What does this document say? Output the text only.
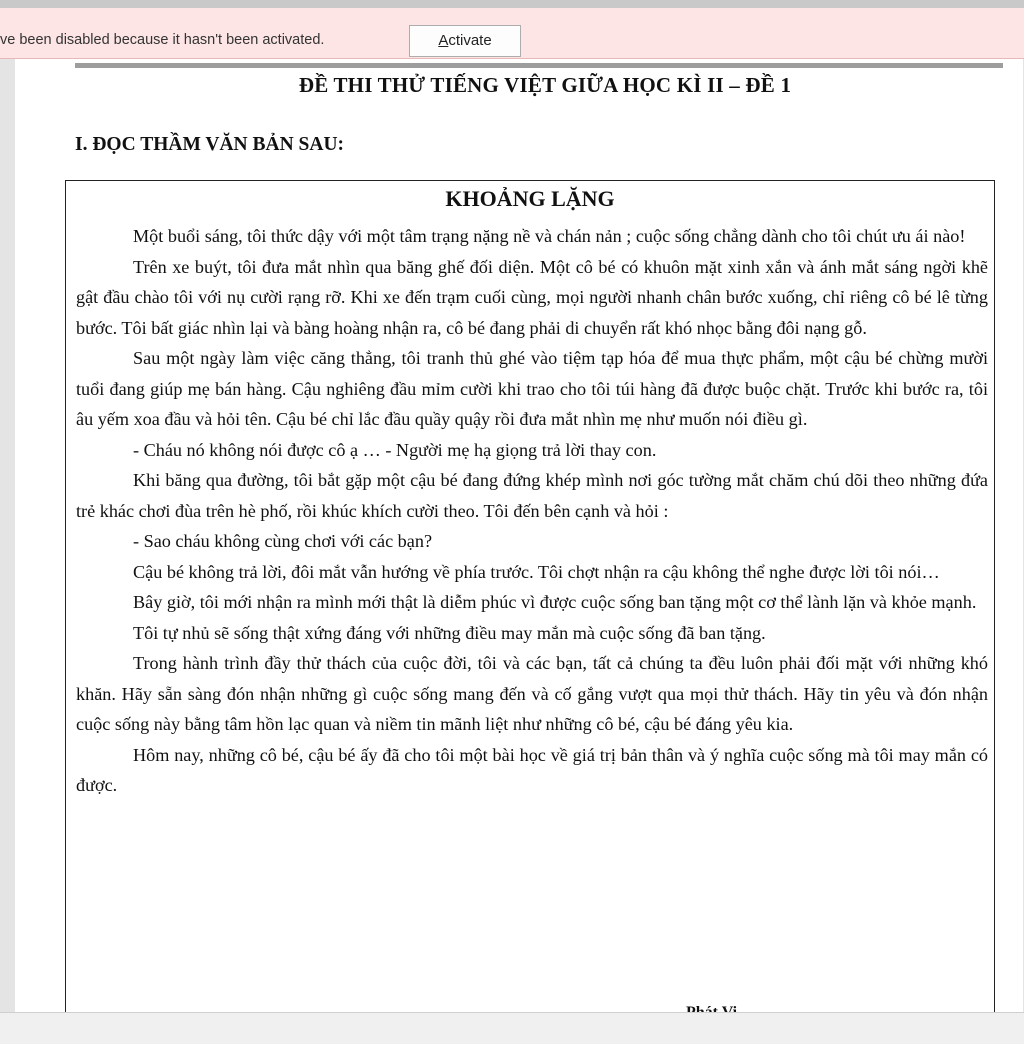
ve been disabled because it hasn't been activated.	Activate
ĐỀ THI THỬ TIẾNG VIỆT GIỮA HỌC KÌ II – ĐỀ 1
I. ĐỌC THẦM VĂN BẢN SAU:
KHOẢNG LẶNG

Một buổi sáng, tôi thức dậy với một tâm trạng nặng nề và chán nản ; cuộc sống chẳng dành cho tôi chút ưu ái nào!

Trên xe buýt, tôi đưa mắt nhìn qua băng ghế đối diện. Một cô bé có khuôn mặt xinh xắn và ánh mắt sáng ngời khẽ gật đầu chào tôi với nụ cười rạng rỡ. Khi xe đến trạm cuối cùng, mọi người nhanh chân bước xuống, chỉ riêng cô bé lê từng bước. Tôi bất giác nhìn lại và bàng hoàng nhận ra, cô bé đang phải di chuyển rất khó nhọc bằng đôi nạng gỗ.

Sau một ngày làm việc căng thẳng, tôi tranh thủ ghé vào tiệm tạp hóa để mua thực phẩm, một cậu bé chừng mười tuổi đang giúp mẹ bán hàng. Cậu nghiêng đầu mỉm cười khi trao cho tôi túi hàng đã được buộc chặt. Trước khi bước ra, tôi âu yếm xoa đầu và hỏi tên. Cậu bé chỉ lắc đầu quầy quậy rồi đưa mắt nhìn mẹ như muốn nói điều gì.

- Cháu nó không nói được cô ạ … - Người mẹ hạ giọng trả lời thay con.

Khi băng qua đường, tôi bắt gặp một cậu bé đang đứng khép mình nơi góc tường mắt chăm chú dõi theo những đứa trẻ khác chơi đùa trên hè phố, rồi khúc khích cười theo. Tôi đến bên cạnh và hỏi :

- Sao cháu không cùng chơi với các bạn?

Cậu bé không trả lời, đôi mắt vẫn hướng về phía trước. Tôi chợt nhận ra cậu không thể nghe được lời tôi nói…

Bây giờ, tôi mới nhận ra mình mới thật là diễm phúc vì được cuộc sống ban tặng một cơ thể lành lặn và khỏe mạnh.

Tôi tự nhủ sẽ sống thật xứng đáng với những điều may mắn mà cuộc sống đã ban tặng.

Trong hành trình đầy thử thách của cuộc đời, tôi và các bạn, tất cả chúng ta đều luôn phải đối mặt với những khó khăn. Hãy sẵn sàng đón nhận những gì cuộc sống mang đến và cố gắng vượt qua mọi thử thách. Hãy tin yêu và đón nhận cuộc sống này bằng tâm hồn lạc quan và niềm tin mãnh liệt như những cô bé, cậu bé đáng yêu kia.

Hôm nay, những cô bé, cậu bé ấy đã cho tôi một bài học về giá trị bản thân và ý nghĩa cuộc sống mà tôi may mắn có được.
